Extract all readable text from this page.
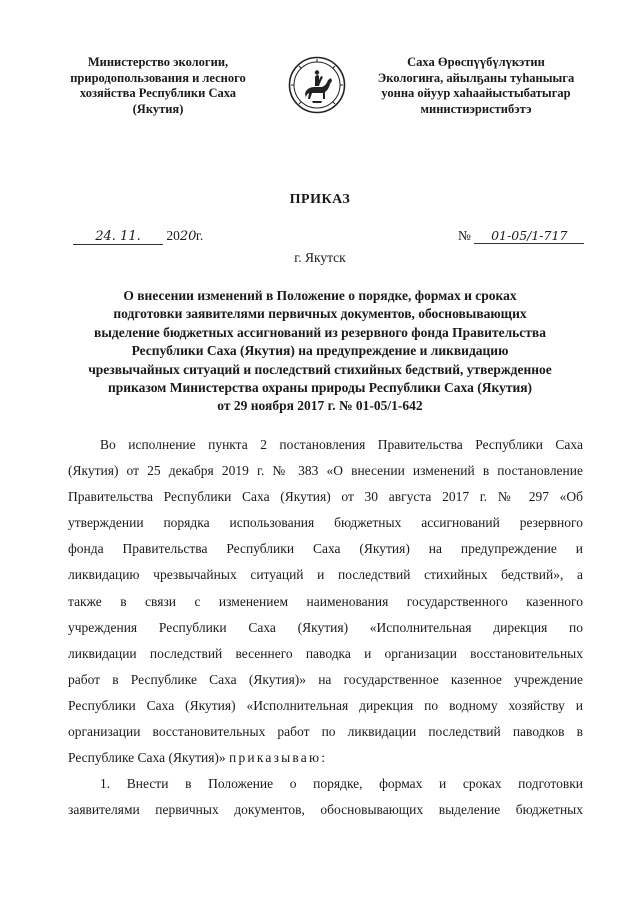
Министерство экологии,
природопользования и лесного
хозяйства Республики Саха
(Якутия)
Саха Өрөспүүбүлүкэтин
Экологиҥа, айылҕаны туһаныыга
уонна ойуур хаһаайыстыбатыгар
министиэристибэтэ
ПРИКАЗ
24. 11. 2020г.	№ 01-05/1-717
г. Якутск
О внесении изменений в Положение о порядке, формах и сроках
подготовки заявителями первичных документов, обосновывающих
выделение бюджетных ассигнований из резервного фонда Правительства
Республики Саха (Якутия) на предупреждение и ликвидацию
чрезвычайных ситуаций и последствий стихийных бедствий, утвержденное
приказом Министерства охраны природы Республики Саха (Якутия)
от 29 ноября 2017 г. № 01-05/1-642
Во исполнение пункта 2 постановления Правительства Республики Саха
(Якутия) от 25 декабря 2019 г. № 383 «О внесении изменений в постановление
Правительства Республики Саха (Якутия) от 30 августа 2017 г. № 297 «Об
утверждении порядка использования бюджетных ассигнований резервного
фонда Правительства Республики Саха (Якутия) на предупреждение и
ликвидацию чрезвычайных ситуаций и последствий стихийных бедствий», а
также в связи с изменением наименования государственного казенного
учреждения Республики Саха (Якутия) «Исполнительная дирекция по
ликвидации последствий весеннего паводка и организации восстановительных
работ в Республике Саха (Якутия)» на государственное казенное учреждение
Республики Саха (Якутия) «Исполнительная дирекция по водному хозяйству и
организации восстановительных работ по ликвидации последствий паводков в
Республике Саха (Якутия)» приказываю:
1. Внести в Положение о порядке, формах и сроках подготовки
заявителями первичных документов, обосновывающих выделение бюджетных
